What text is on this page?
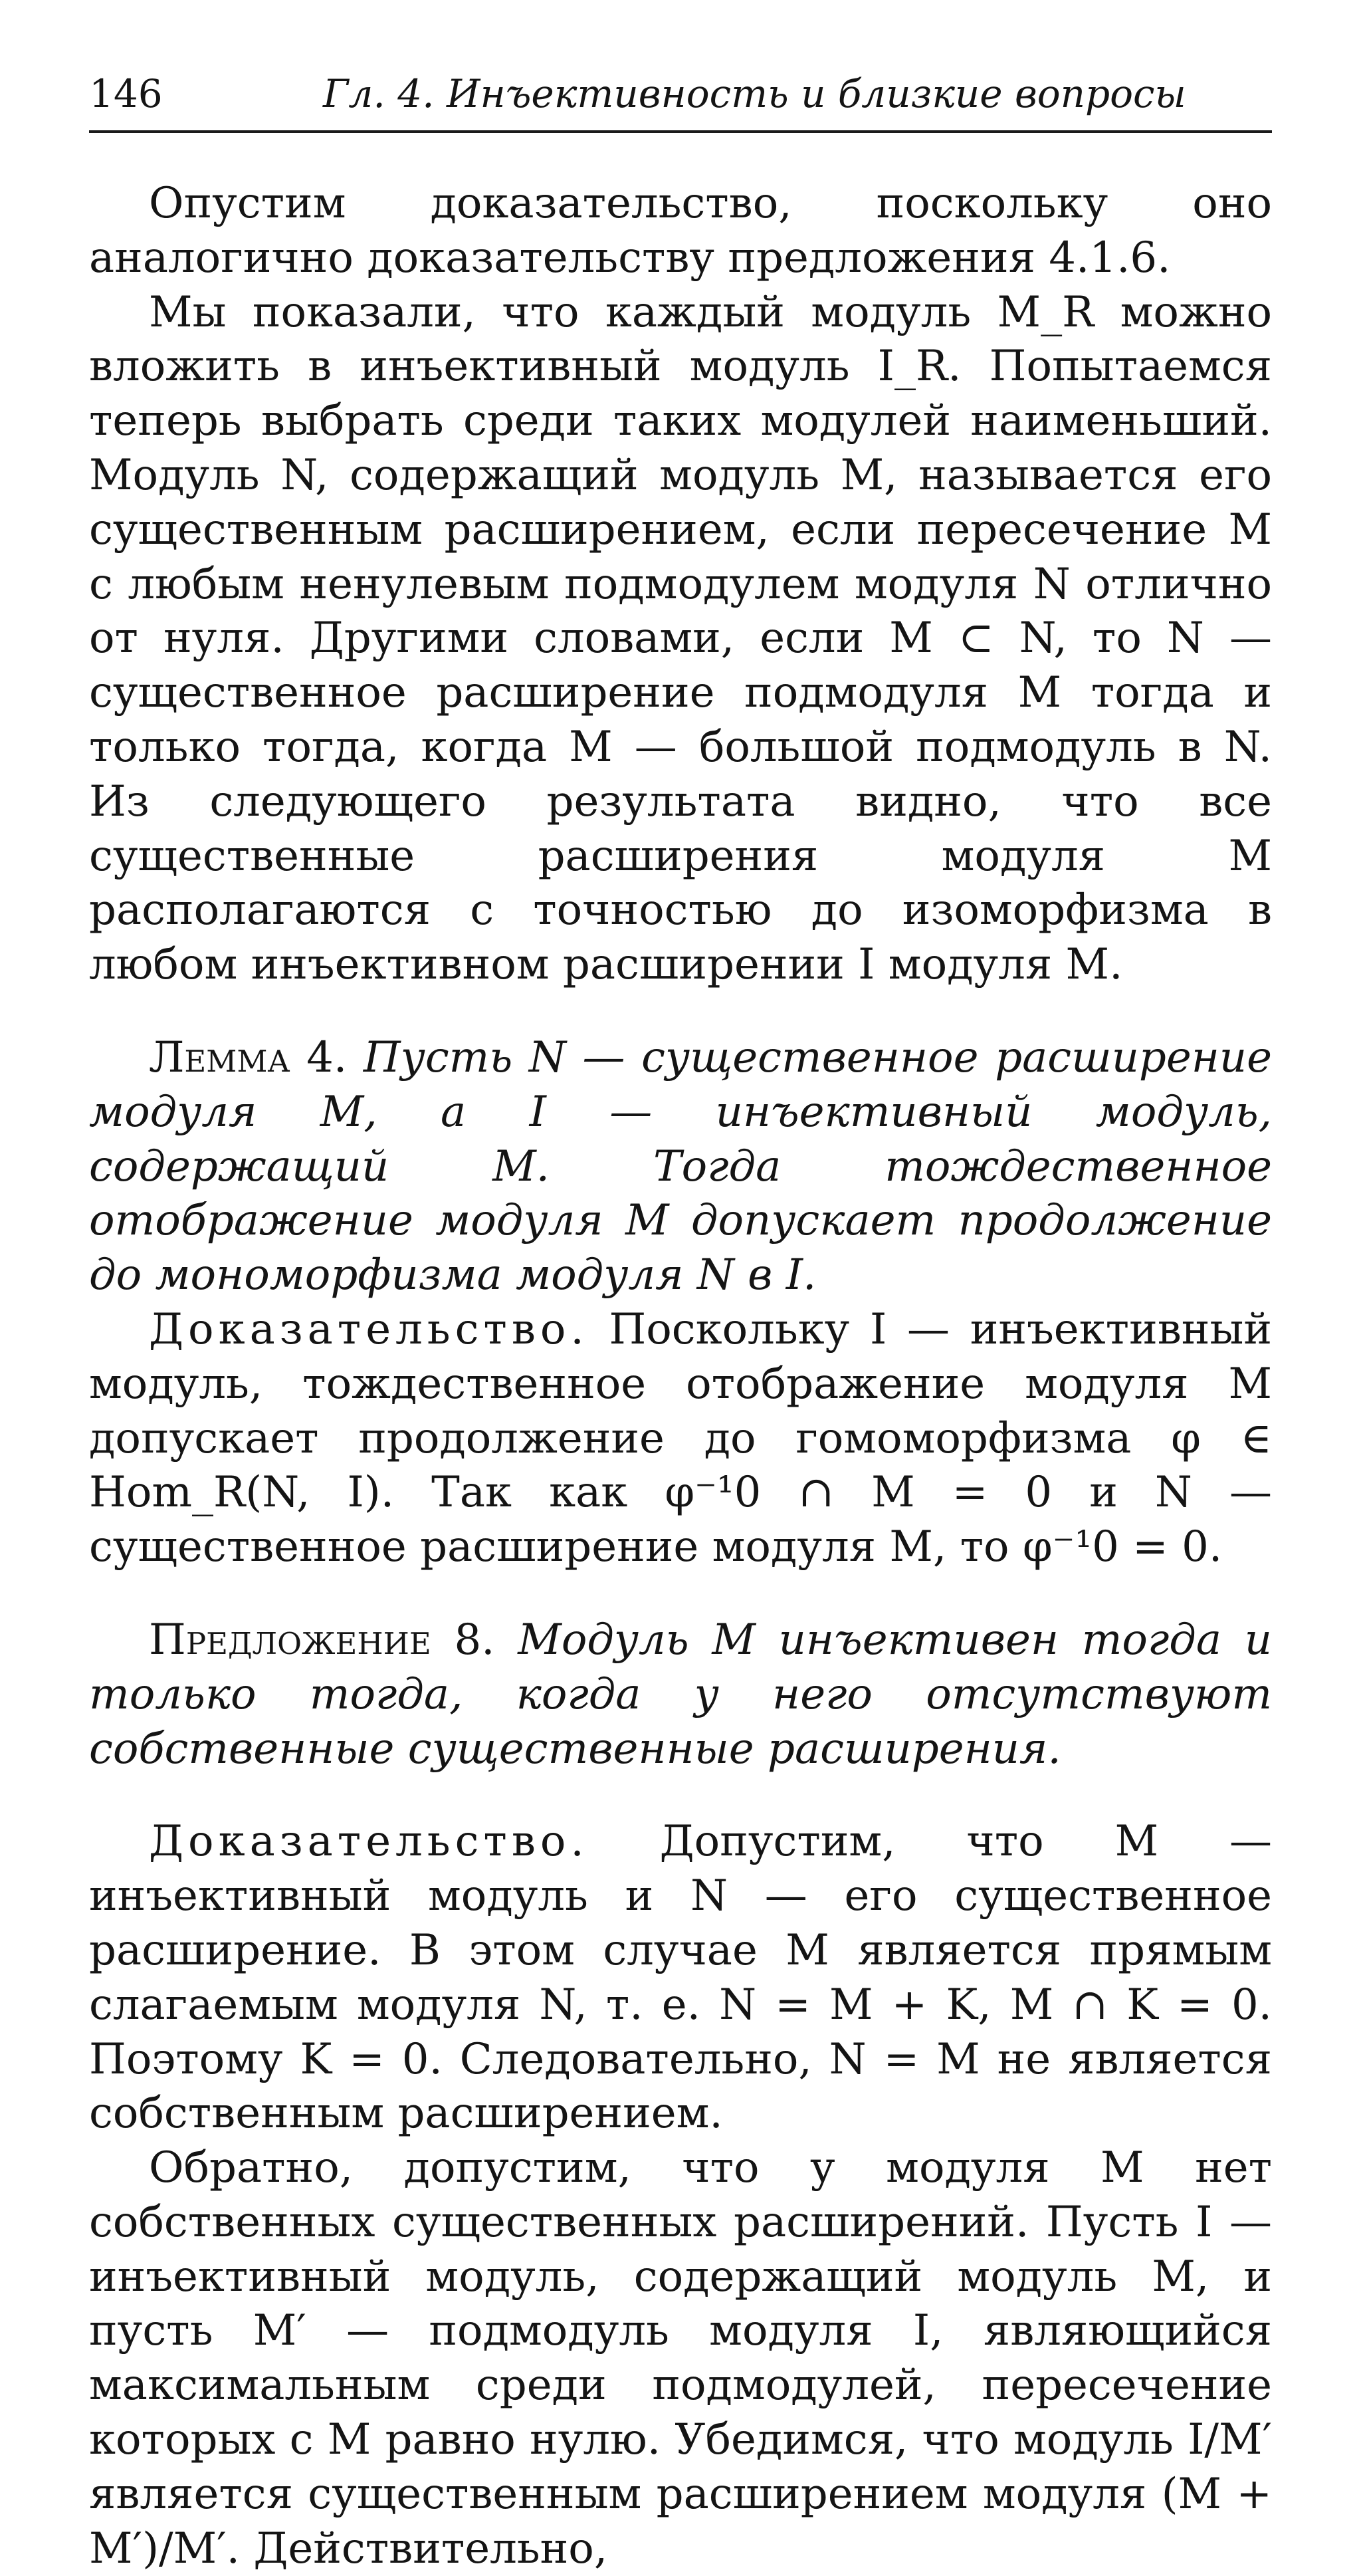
146	Гл. 4. Инъективность и близкие вопросы

Опустим доказательство, поскольку оно аналогично доказательству предложения 4.1.6.

Мы показали, что каждый модуль M_R можно вложить в инъективный модуль I_R. Попытаемся теперь выбрать среди таких модулей наименьший. Модуль N, содержащий модуль M, называется его существенным расширением, если пересечение M с любым ненулевым подмодулем модуля N отлично от нуля. Другими словами, если M ⊂ N, то N — существенное расширение подмодуля M тогда и только тогда, когда M — большой подмодуль в N. Из следующего результата видно, что все существенные расширения модуля M располагаются с точностью до изоморфизма в любом инъективном расширении I модуля M.

Лемма 4. Пусть N — существенное расширение модуля M, а I — инъективный модуль, содержащий M. Тогда тождественное отображение модуля M допускает продолжение до мономорфизма модуля N в I.

Доказательство. Поскольку I — инъективный модуль, тождественное отображение модуля M допускает продолжение до гомоморфизма φ ∈ Hom_R(N, I). Так как φ⁻¹0 ∩ M = 0 и N — существенное расширение модуля M, то φ⁻¹0 = 0.

Предложение 8. Модуль M инъективен тогда и только тогда, когда у него отсутствуют собственные существенные расширения.

Доказательство. Допустим, что M — инъективный модуль и N — его существенное расширение. В этом случае M является прямым слагаемым модуля N, т. е. N = M + K, M ∩ K = 0. Поэтому K = 0. Следовательно, N = M не является собственным расширением.

Обратно, допустим, что у модуля M нет собственных существенных расширений. Пусть I — инъективный модуль, содержащий модуль M, и пусть M′ — подмодуль модуля I, являющийся максимальным среди подмодулей, пересечение которых с M равно нулю. Убедимся, что модуль I/M′ является существенным расширением модуля (M + M′)/M′. Действительно,
